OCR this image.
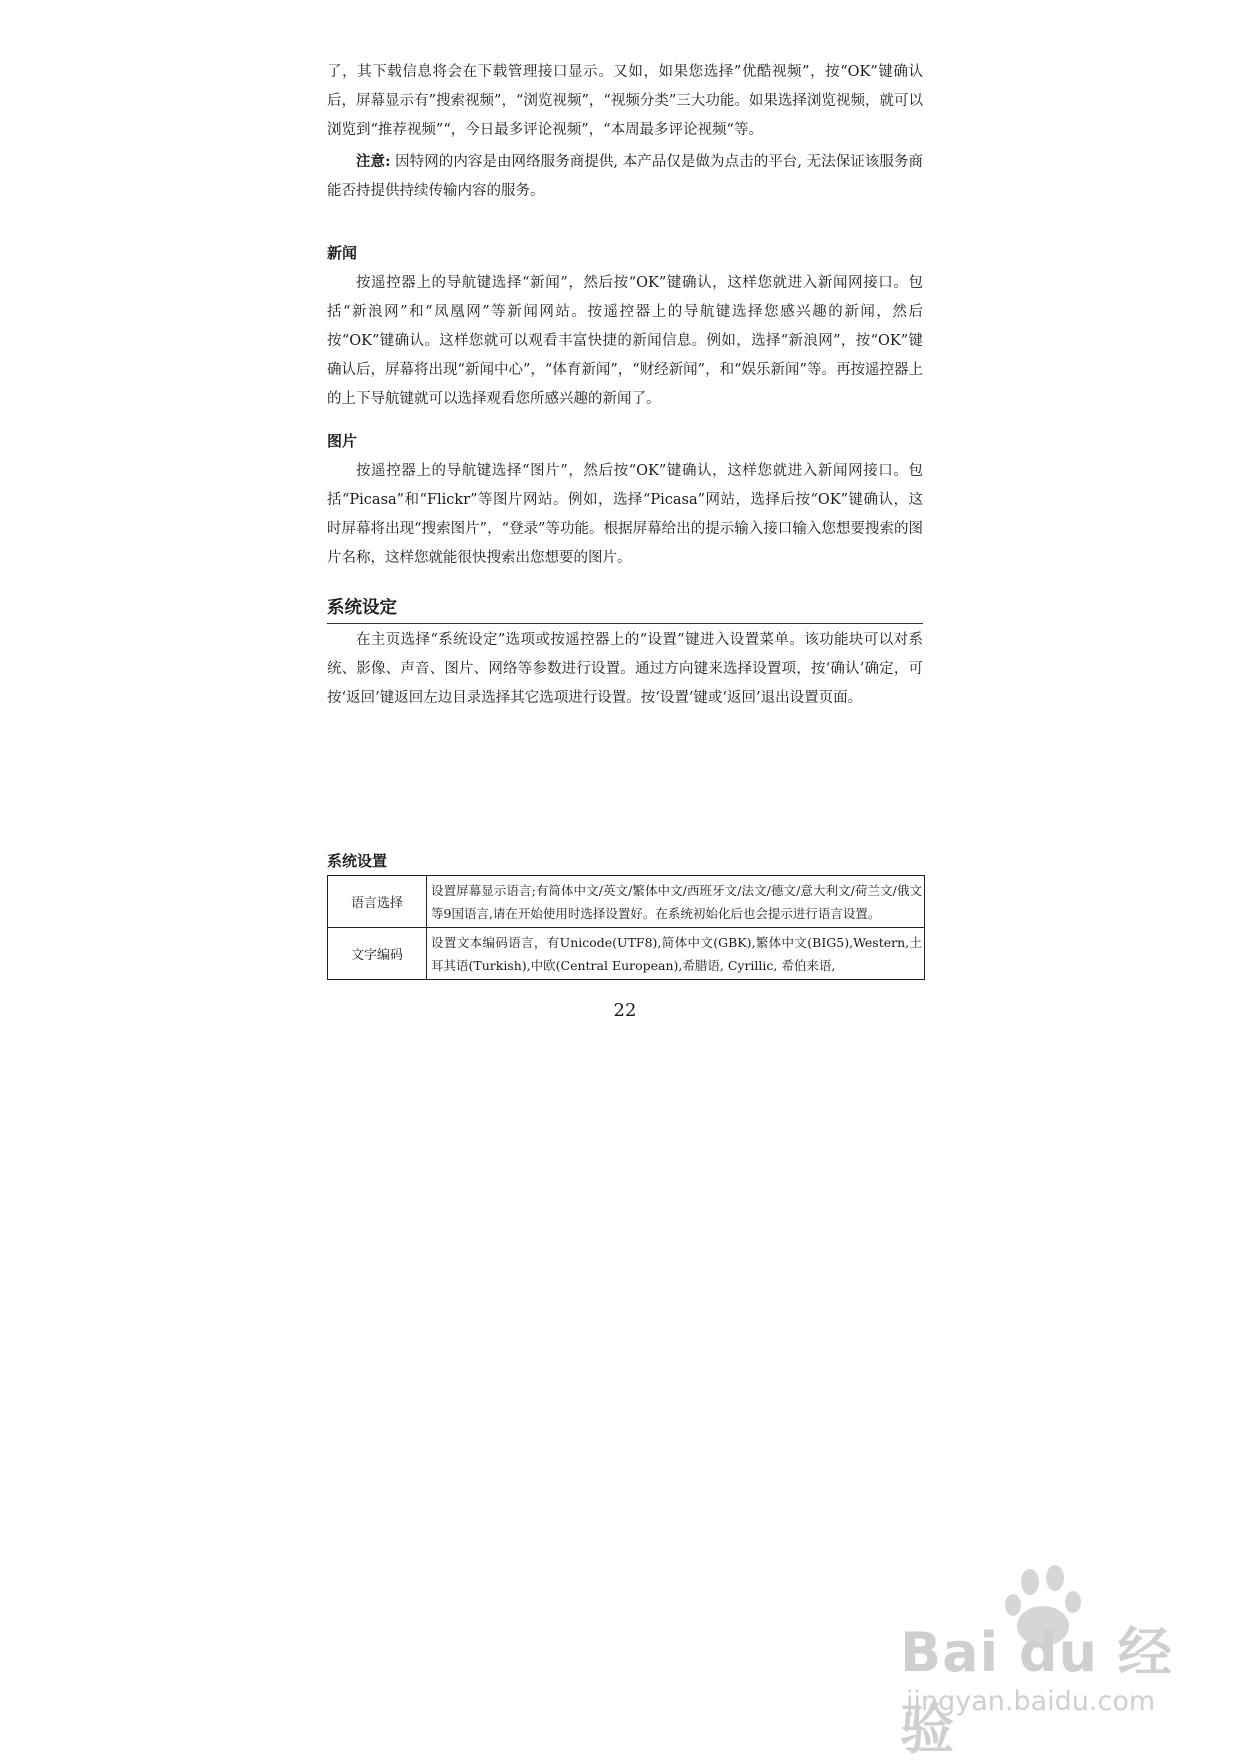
了，其下载信息将会在下载管理接口显示。又如，如果您选择”优酷视频”，按“OK”键确认后，屏幕显示有”搜索视频”，“浏览视频”，“视频分类”三大功能。如果选择浏览视频，就可以浏览到“推荐视频”“，今日最多评论视频”，“本周最多评论视频“等。

注意: 因特网的内容是由网络服务商提供, 本产品仅是做为点击的平台, 无法保证该服务商能否持提供持续传输内容的服务。

新闻

按遥控器上的导航键选择“新闻”，然后按“OK”键确认，这样您就进入新闻网接口。包括“新浪网”和“凤凰网”等新闻网站。按遥控器上的导航键选择您感兴趣的新闻，然后按“OK”键确认。这样您就可以观看丰富快捷的新闻信息。例如，选择“新浪网”，按“OK”键确认后，屏幕将出现“新闻中心”，“体育新闻”，“财经新闻”，和“娱乐新闻”等。再按遥控器上的上下导航键就可以选择观看您所感兴趣的新闻了。

图片

按遥控器上的导航键选择“图片”，然后按“OK”键确认，这样您就进入新闻网接口。包括“Picasa”和“Flickr”等图片网站。例如，选择“Picasa”网站，选择后按“OK”键确认，这时屏幕将出现“搜索图片”，“登录”等功能。根据屏幕给出的提示输入接口输入您想要搜索的图片名称，这样您就能很快搜索出您想要的图片。

系统设定

在主页选择“系统设定”选项或按遥控器上的“设置”键进入设置菜单。该功能块可以对系统、影像、声音、图片、网络等参数进行设置。通过方向键来选择设置项，按‘确认’确定，可按‘返回’键返回左边目录选择其它选项进行设置。按‘设置’键或‘返回’退出设置页面。

系统设置
语言选择	设置屏幕显示语言;有简体中文/英文/繁体中文/西班牙文/法文/德文/意大利文/荷兰文/俄文等9国语言,请在开始使用时选择设置好。在系统初始化后也会提示进行语言设置。
文字编码	设置文本编码语言，有Unicode(UTF8),简体中文(GBK),繁体中文(BIG5),Western,土耳其语(Turkish),中欧(Central European),希腊语, Cyrillic, 希伯来语,
22
Bai du 经验
jingyan.baidu.com
